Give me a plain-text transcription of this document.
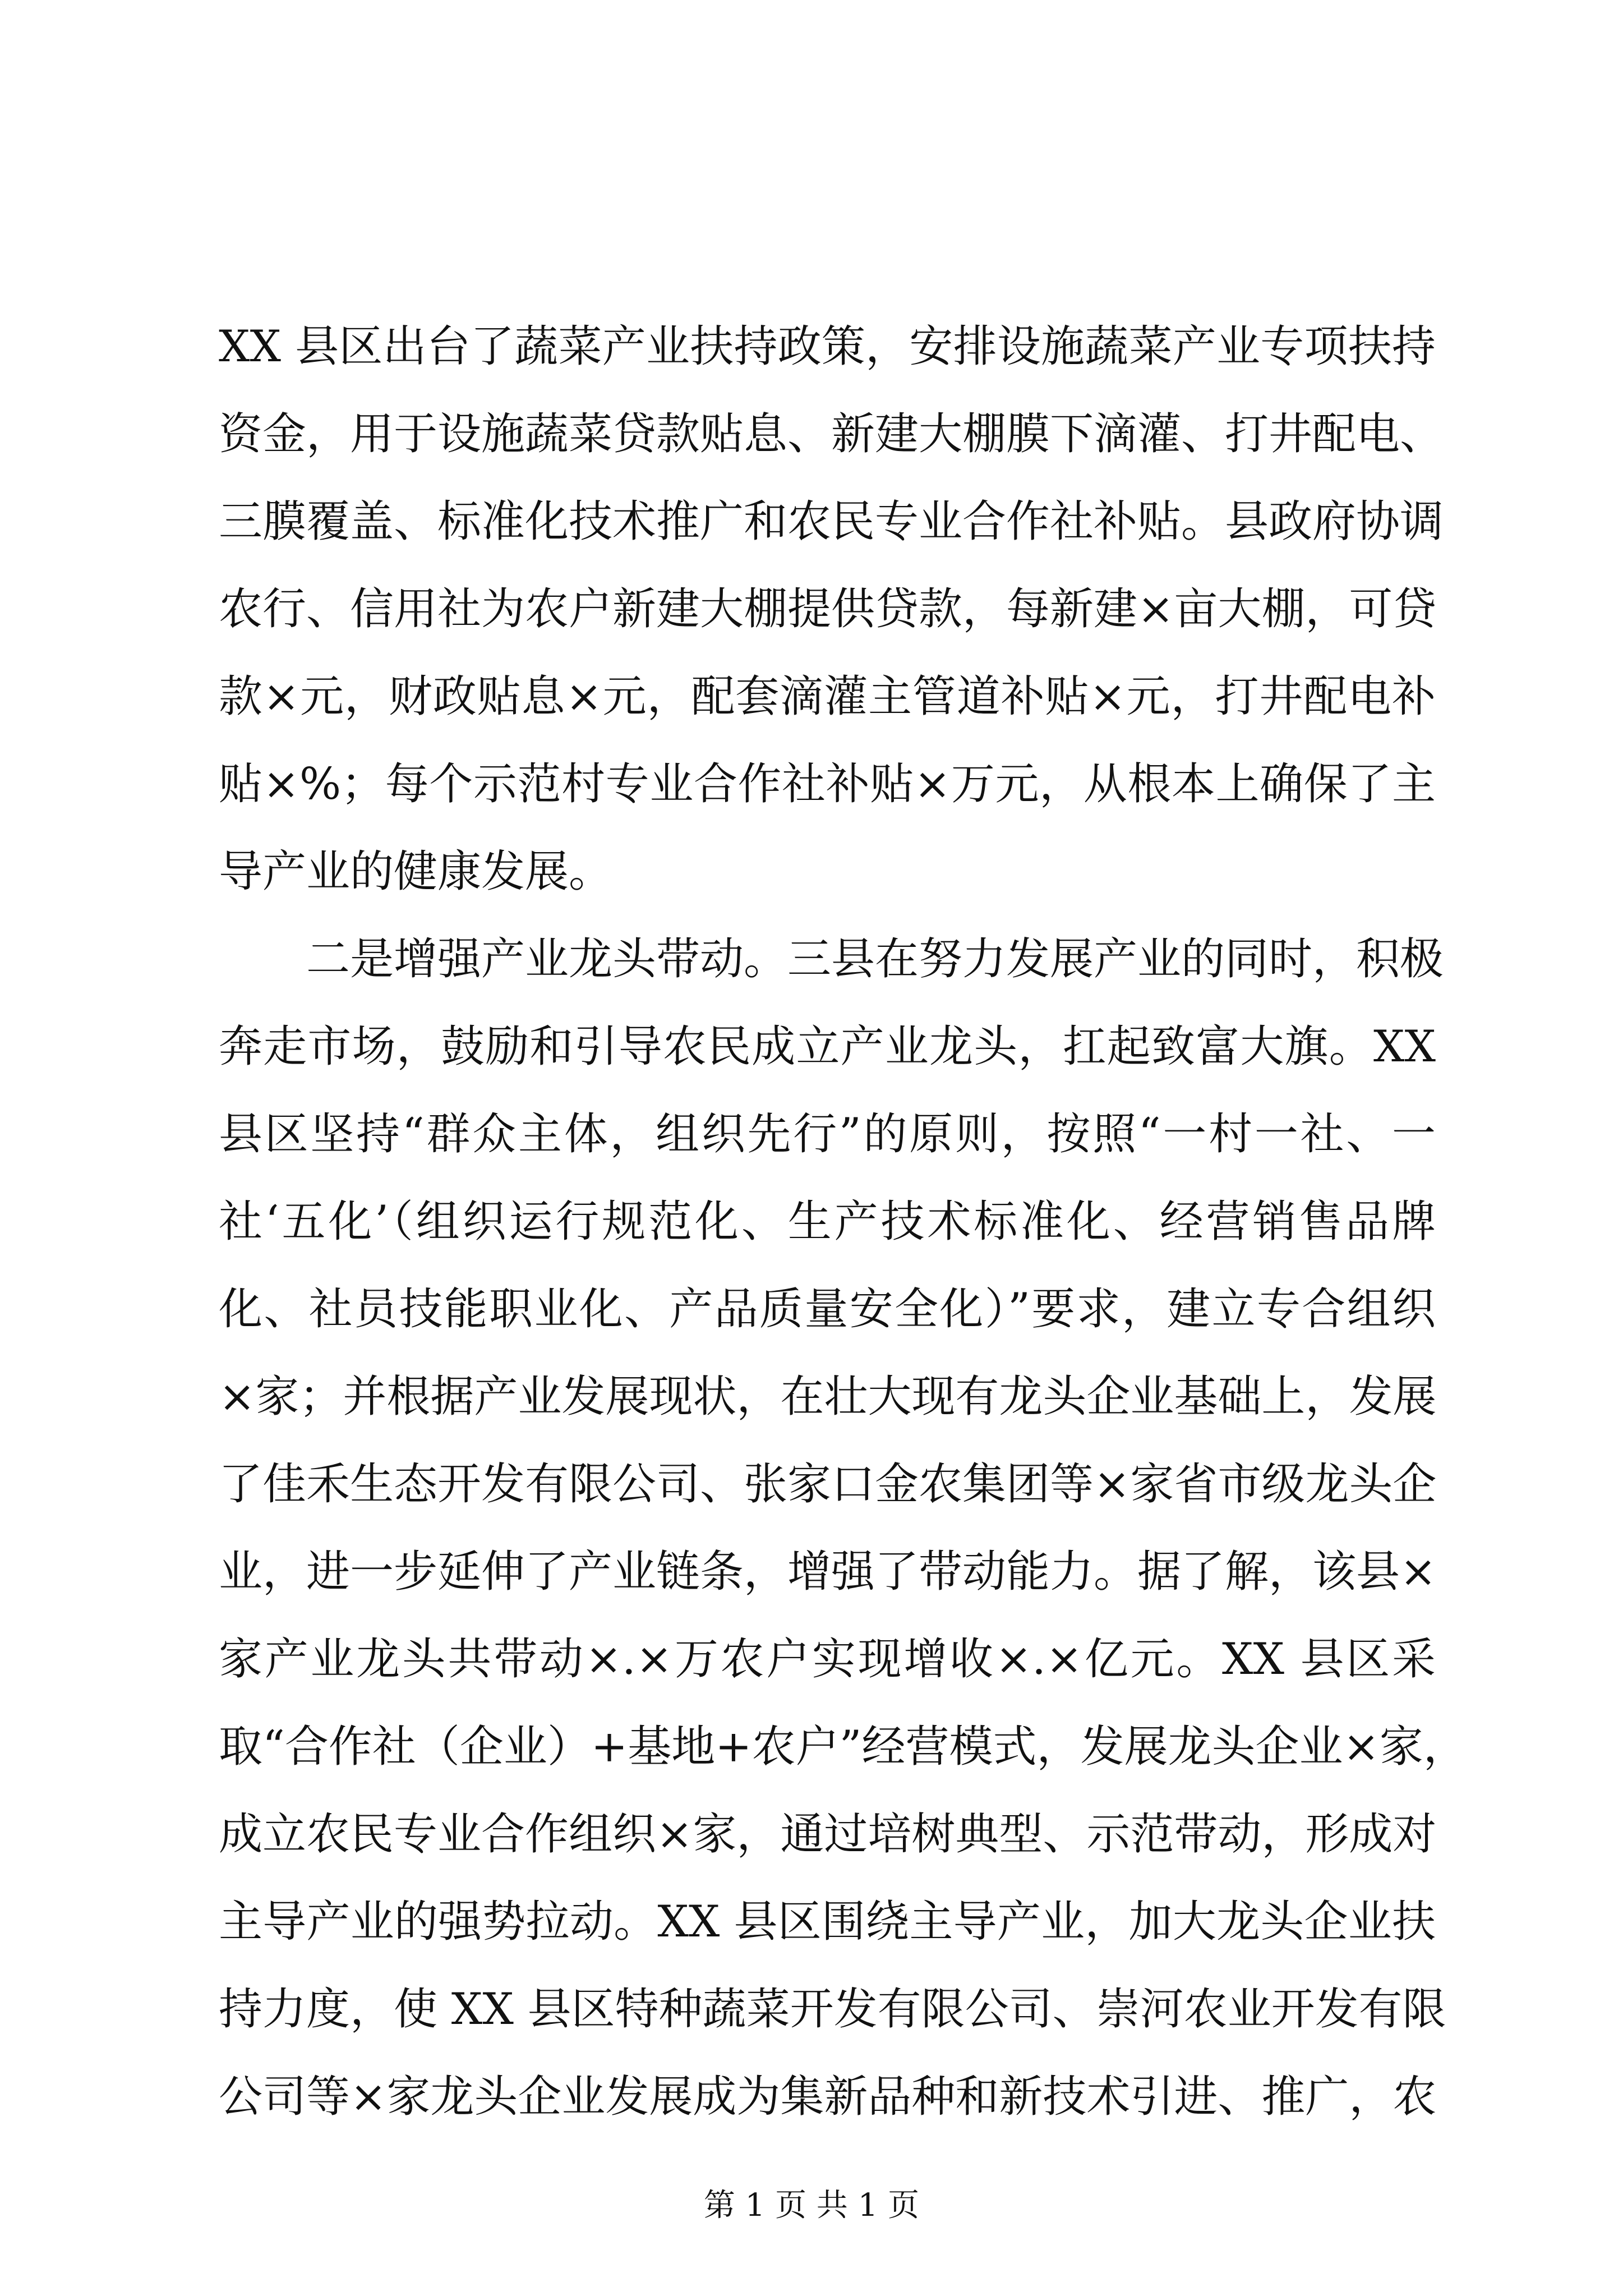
XX 县区出台了蔬菜产业扶持政策，安排设施蔬菜产业专项扶持
资金，用于设施蔬菜贷款贴息、新建大棚膜下滴灌、打井配电、
三膜覆盖、标准化技术推广和农民专业合作社补贴。县政府协调
农行、信用社为农户新建大棚提供贷款，每新建×亩大棚，可贷
款×元，财政贴息×元，配套滴灌主管道补贴×元，打井配电补
贴×%；每个示范村专业合作社补贴×万元，从根本上确保了主
导产业的健康发展。
　　二是增强产业龙头带动。三县在努力发展产业的同时，积极
奔走市场，鼓励和引导农民成立产业龙头，扛起致富大旗。XX
县区坚持“群众主体，组织先行”的原则，按照“一村一社、一
社‘五化’（组织运行规范化、生产技术标准化、经营销售品牌
化、社员技能职业化、产品质量安全化）”要求，建立专合组织
×家；并根据产业发展现状，在壮大现有龙头企业基础上，发展
了佳禾生态开发有限公司、张家口金农集团等×家省市级龙头企
业，进一步延伸了产业链条，增强了带动能力。据了解，该县×
家产业龙头共带动×.×万农户实现增收×.×亿元。XX 县区采
取“合作社（企业）+基地+农户”经营模式，发展龙头企业×家，
成立农民专业合作组织×家，通过培树典型、示范带动，形成对
主导产业的强势拉动。XX 县区围绕主导产业，加大龙头企业扶
持力度，使 XX 县区特种蔬菜开发有限公司、崇河农业开发有限
公司等×家龙头企业发展成为集新品种和新技术引进、推广，农
第 1 页 共 1 页
